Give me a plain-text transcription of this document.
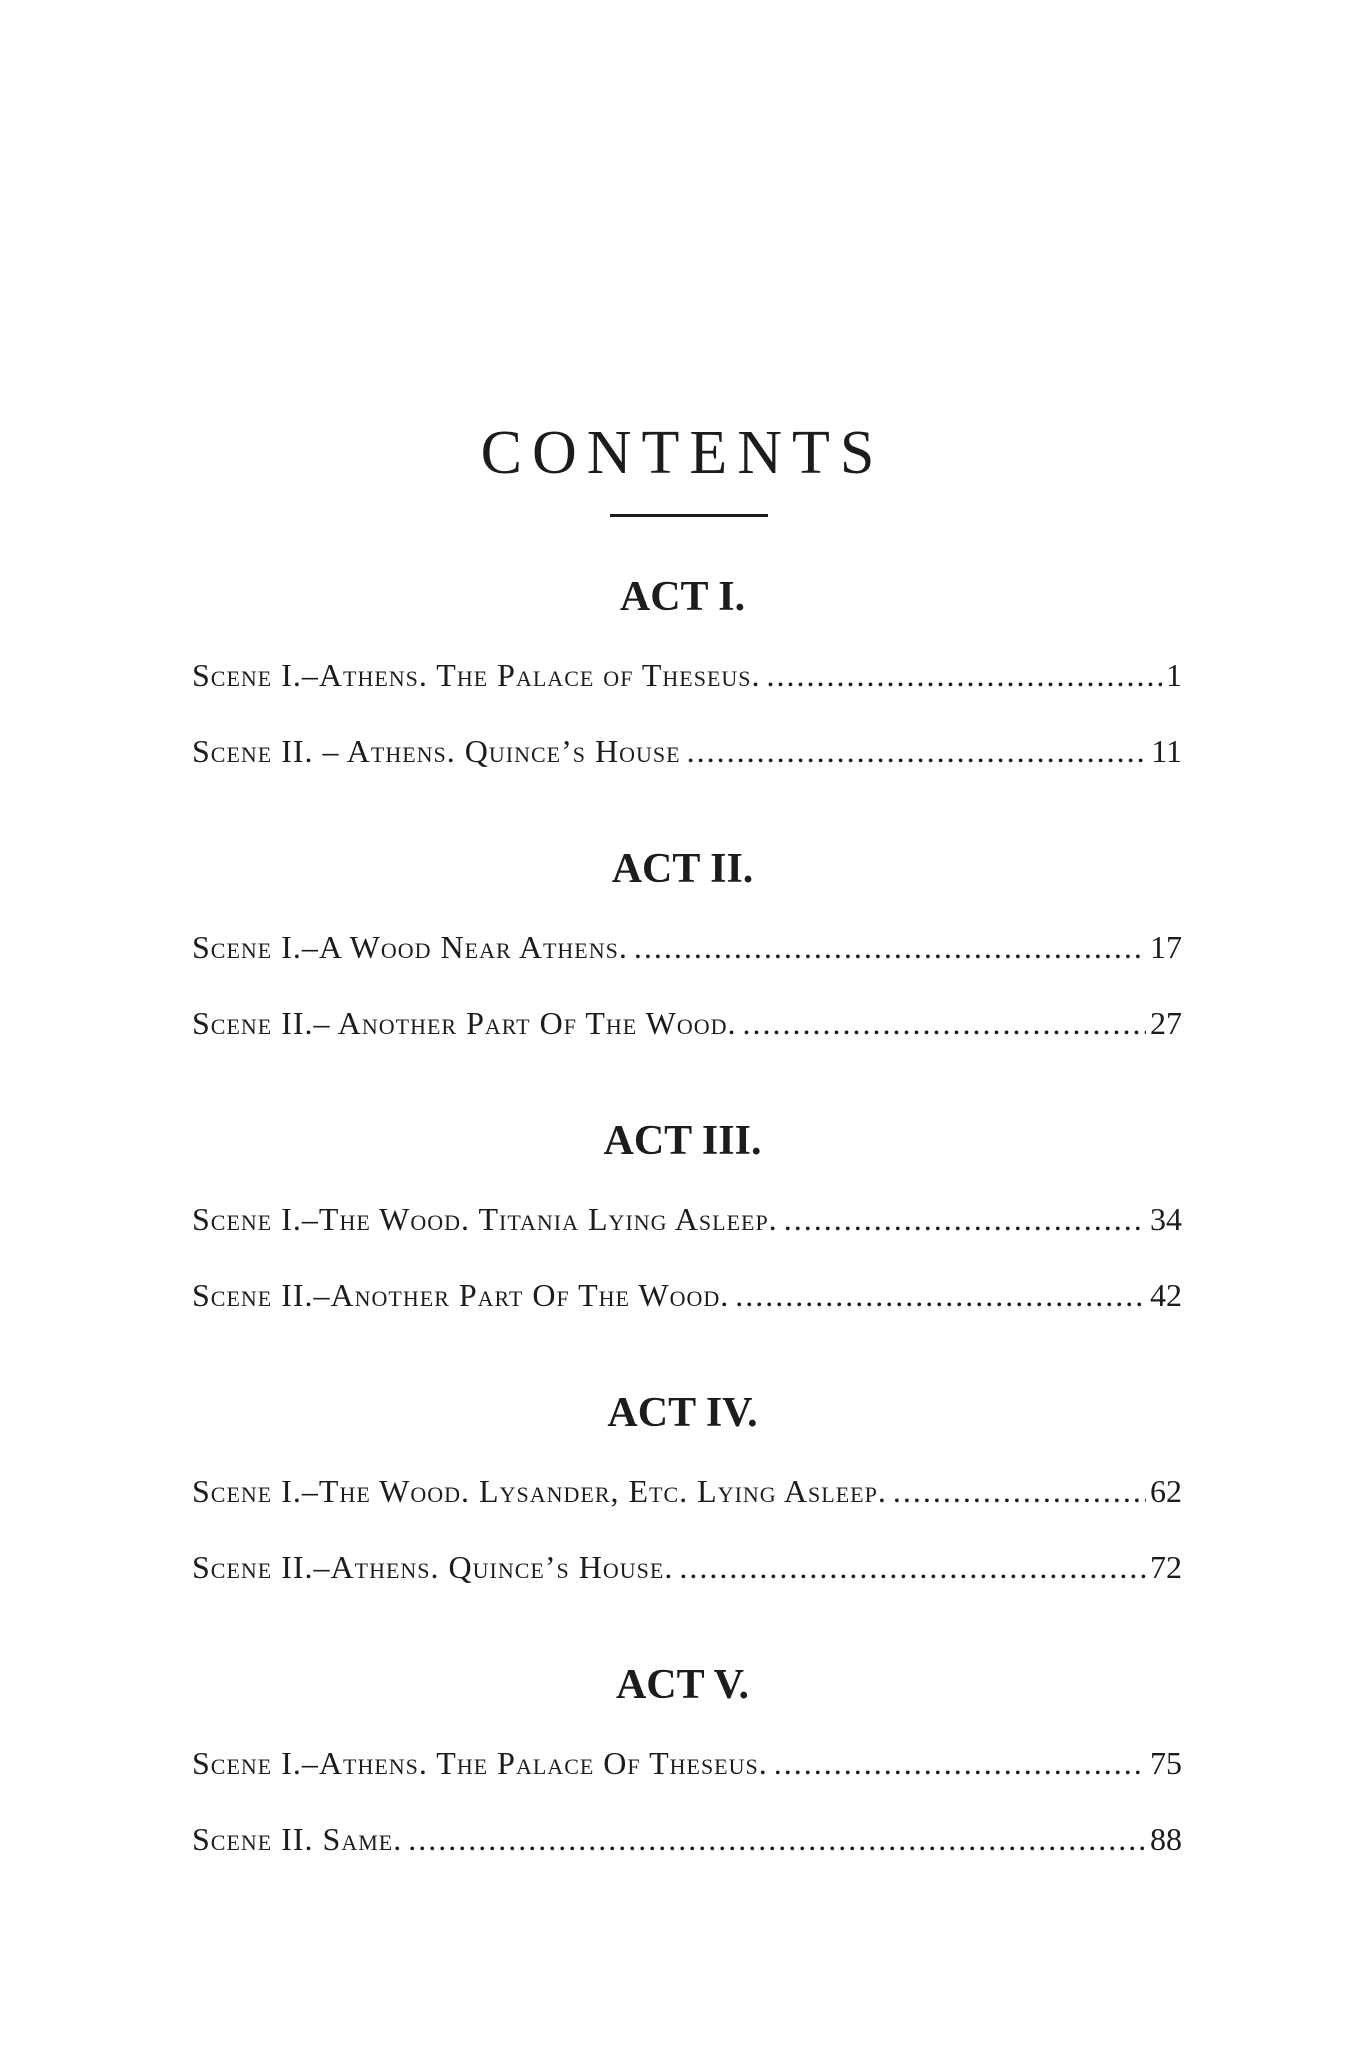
CONTENTS
ACT I.
Scene I.–Athens. The Palace of Theseus. .....	1
Scene II. – Athens. Quince’s House .....	11
ACT II.
Scene I.–A Wood Near Athens. .....	17
Scene II.– Another Part Of The Wood. .....	27
ACT III.
Scene I.–The Wood. Titania Lying Asleep. .....	34
Scene II.–Another Part Of The Wood. .....	42
ACT IV.
Scene I.–The Wood. Lysander, Etc. Lying Asleep. .....	62
Scene II.–Athens. Quince’s House. .....	72
ACT V.
Scene I.–Athens. The Palace Of Theseus. .....	75
Scene II. Same. .....	88
